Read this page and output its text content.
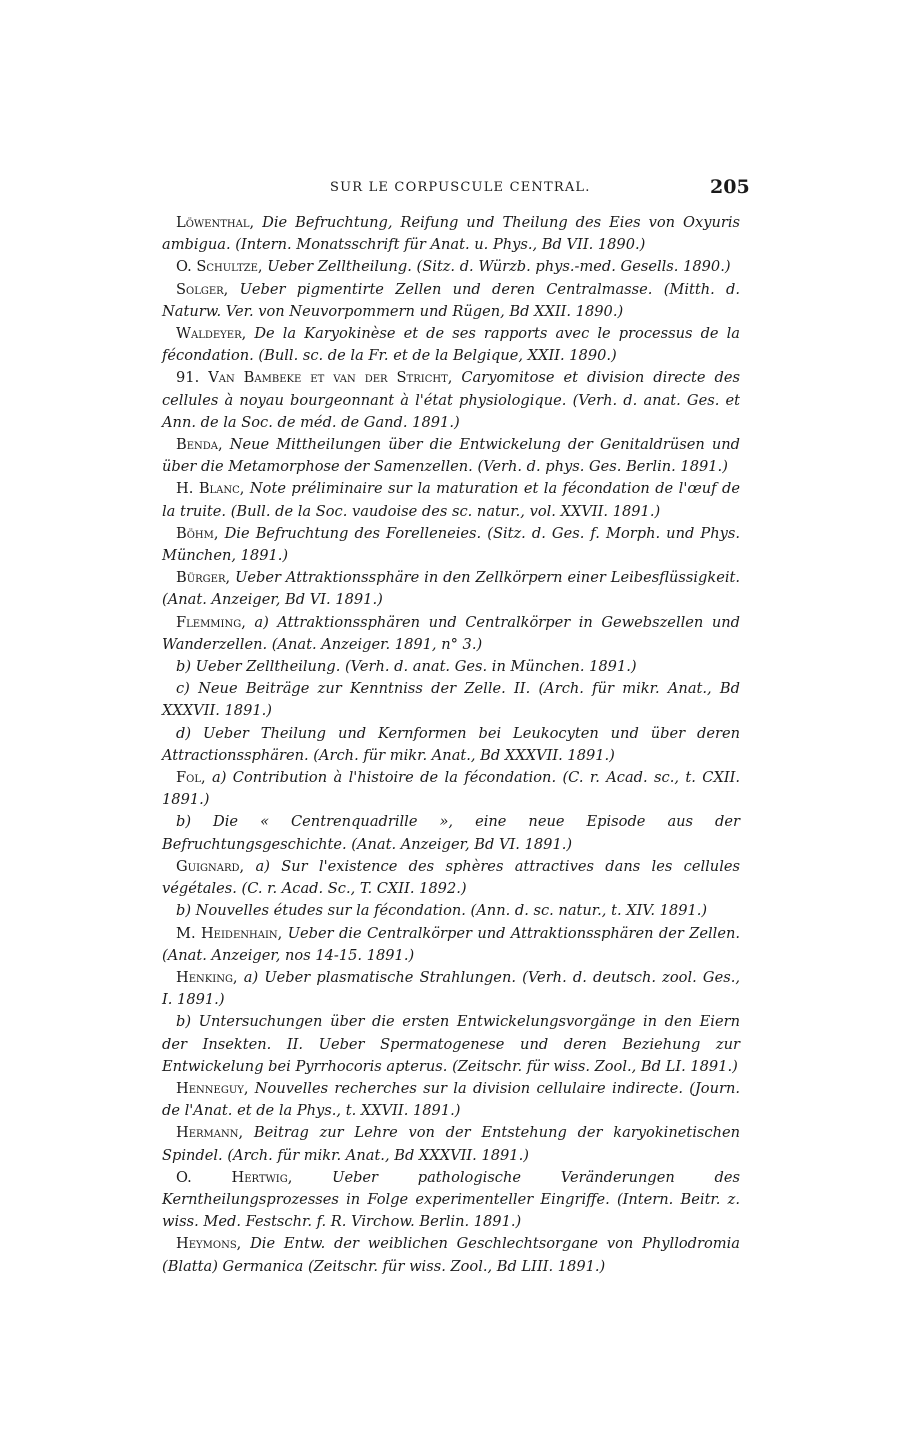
SUR LE CORPUSCULE CENTRAL.	205

Löwenthal, Die Befruchtung, Reifung und Theilung des Eies von Oxyuris ambigua. (Intern. Monatsschrift für Anat. u. Phys., Bd VII. 1890.)

O. Schultze, Ueber Zelltheilung. (Sitz. d. Würzb. phys.-med. Gesells. 1890.)

Solger, Ueber pigmentirte Zellen und deren Centralmasse. (Mitth. d. Naturw. Ver. von Neuvorpommern und Rügen, Bd XXII. 1890.)

Waldeyer, De la Karyokinèse et de ses rapports avec le processus de la fécondation. (Bull. sc. de la Fr. et de la Belgique, XXII. 1890.)

91. Van Bambeke et van der Stricht, Caryomitose et division directe des cellules à noyau bourgeonnant à l'état physiologique. (Verh. d. anat. Ges. et Ann. de la Soc. de méd. de Gand. 1891.)

Benda, Neue Mittheilungen über die Entwickelung der Genitaldrüsen und über die Metamorphose der Samenzellen. (Verh. d. phys. Ges. Berlin. 1891.)

H. Blanc, Note préliminaire sur la maturation et la fécondation de l'œuf de la truite. (Bull. de la Soc. vaudoise des sc. natur., vol. XXVII. 1891.)

Böhm, Die Befruchtung des Forelleneies. (Sitz. d. Ges. f. Morph. und Phys. München, 1891.)

Bürger, Ueber Attraktionssphäre in den Zellkörpern einer Leibesflüssigkeit. (Anat. Anzeiger, Bd VI. 1891.)

Flemming, a) Attraktionssphären und Centralkörper in Gewebszellen und Wanderzellen. (Anat. Anzeiger. 1891, n° 3.)

b) Ueber Zelltheilung. (Verh. d. anat. Ges. in München. 1891.)

c) Neue Beiträge zur Kenntniss der Zelle. II. (Arch. für mikr. Anat., Bd XXXVII. 1891.)

d) Ueber Theilung und Kernformen bei Leukocyten und über deren Attractionssphären. (Arch. für mikr. Anat., Bd XXXVII. 1891.)

Fol, a) Contribution à l'histoire de la fécondation. (C. r. Acad. sc., t. CXII. 1891.)

b) Die « Centrenquadrille », eine neue Episode aus der Befruchtungsgeschichte. (Anat. Anzeiger, Bd VI. 1891.)

Guignard, a) Sur l'existence des sphères attractives dans les cellules végétales. (C. r. Acad. Sc., T. CXII. 1892.)

b) Nouvelles études sur la fécondation. (Ann. d. sc. natur., t. XIV. 1891.)

M. Heidenhain, Ueber die Centralkörper und Attraktionssphären der Zellen. (Anat. Anzeiger, nos 14-15. 1891.)

Henking, a) Ueber plasmatische Strahlungen. (Verh. d. deutsch. zool. Ges., I. 1891.)

b) Untersuchungen über die ersten Entwickelungsvorgänge in den Eiern der Insekten. II. Ueber Spermatogenese und deren Beziehung zur Entwickelung bei Pyrrhocoris apterus. (Zeitschr. für wiss. Zool., Bd LI. 1891.)

Henneguy, Nouvelles recherches sur la division cellulaire indirecte. (Journ. de l'Anat. et de la Phys., t. XXVII. 1891.)

Hermann, Beitrag zur Lehre von der Entstehung der karyokinetischen Spindel. (Arch. für mikr. Anat., Bd XXXVII. 1891.)

O. Hertwig,	Ueber pathologische Veränderungen des Kerntheilungsprozesses in Folge experimenteller Eingriffe. (Intern. Beitr. z. wiss. Med. Festschr. f. R. Virchow. Berlin. 1891.)

Heymons, Die Entw. der weiblichen Geschlechtsorgane von Phyllodromia (Blatta) Germanica (Zeitschr. für wiss. Zool., Bd LIII. 1891.)
